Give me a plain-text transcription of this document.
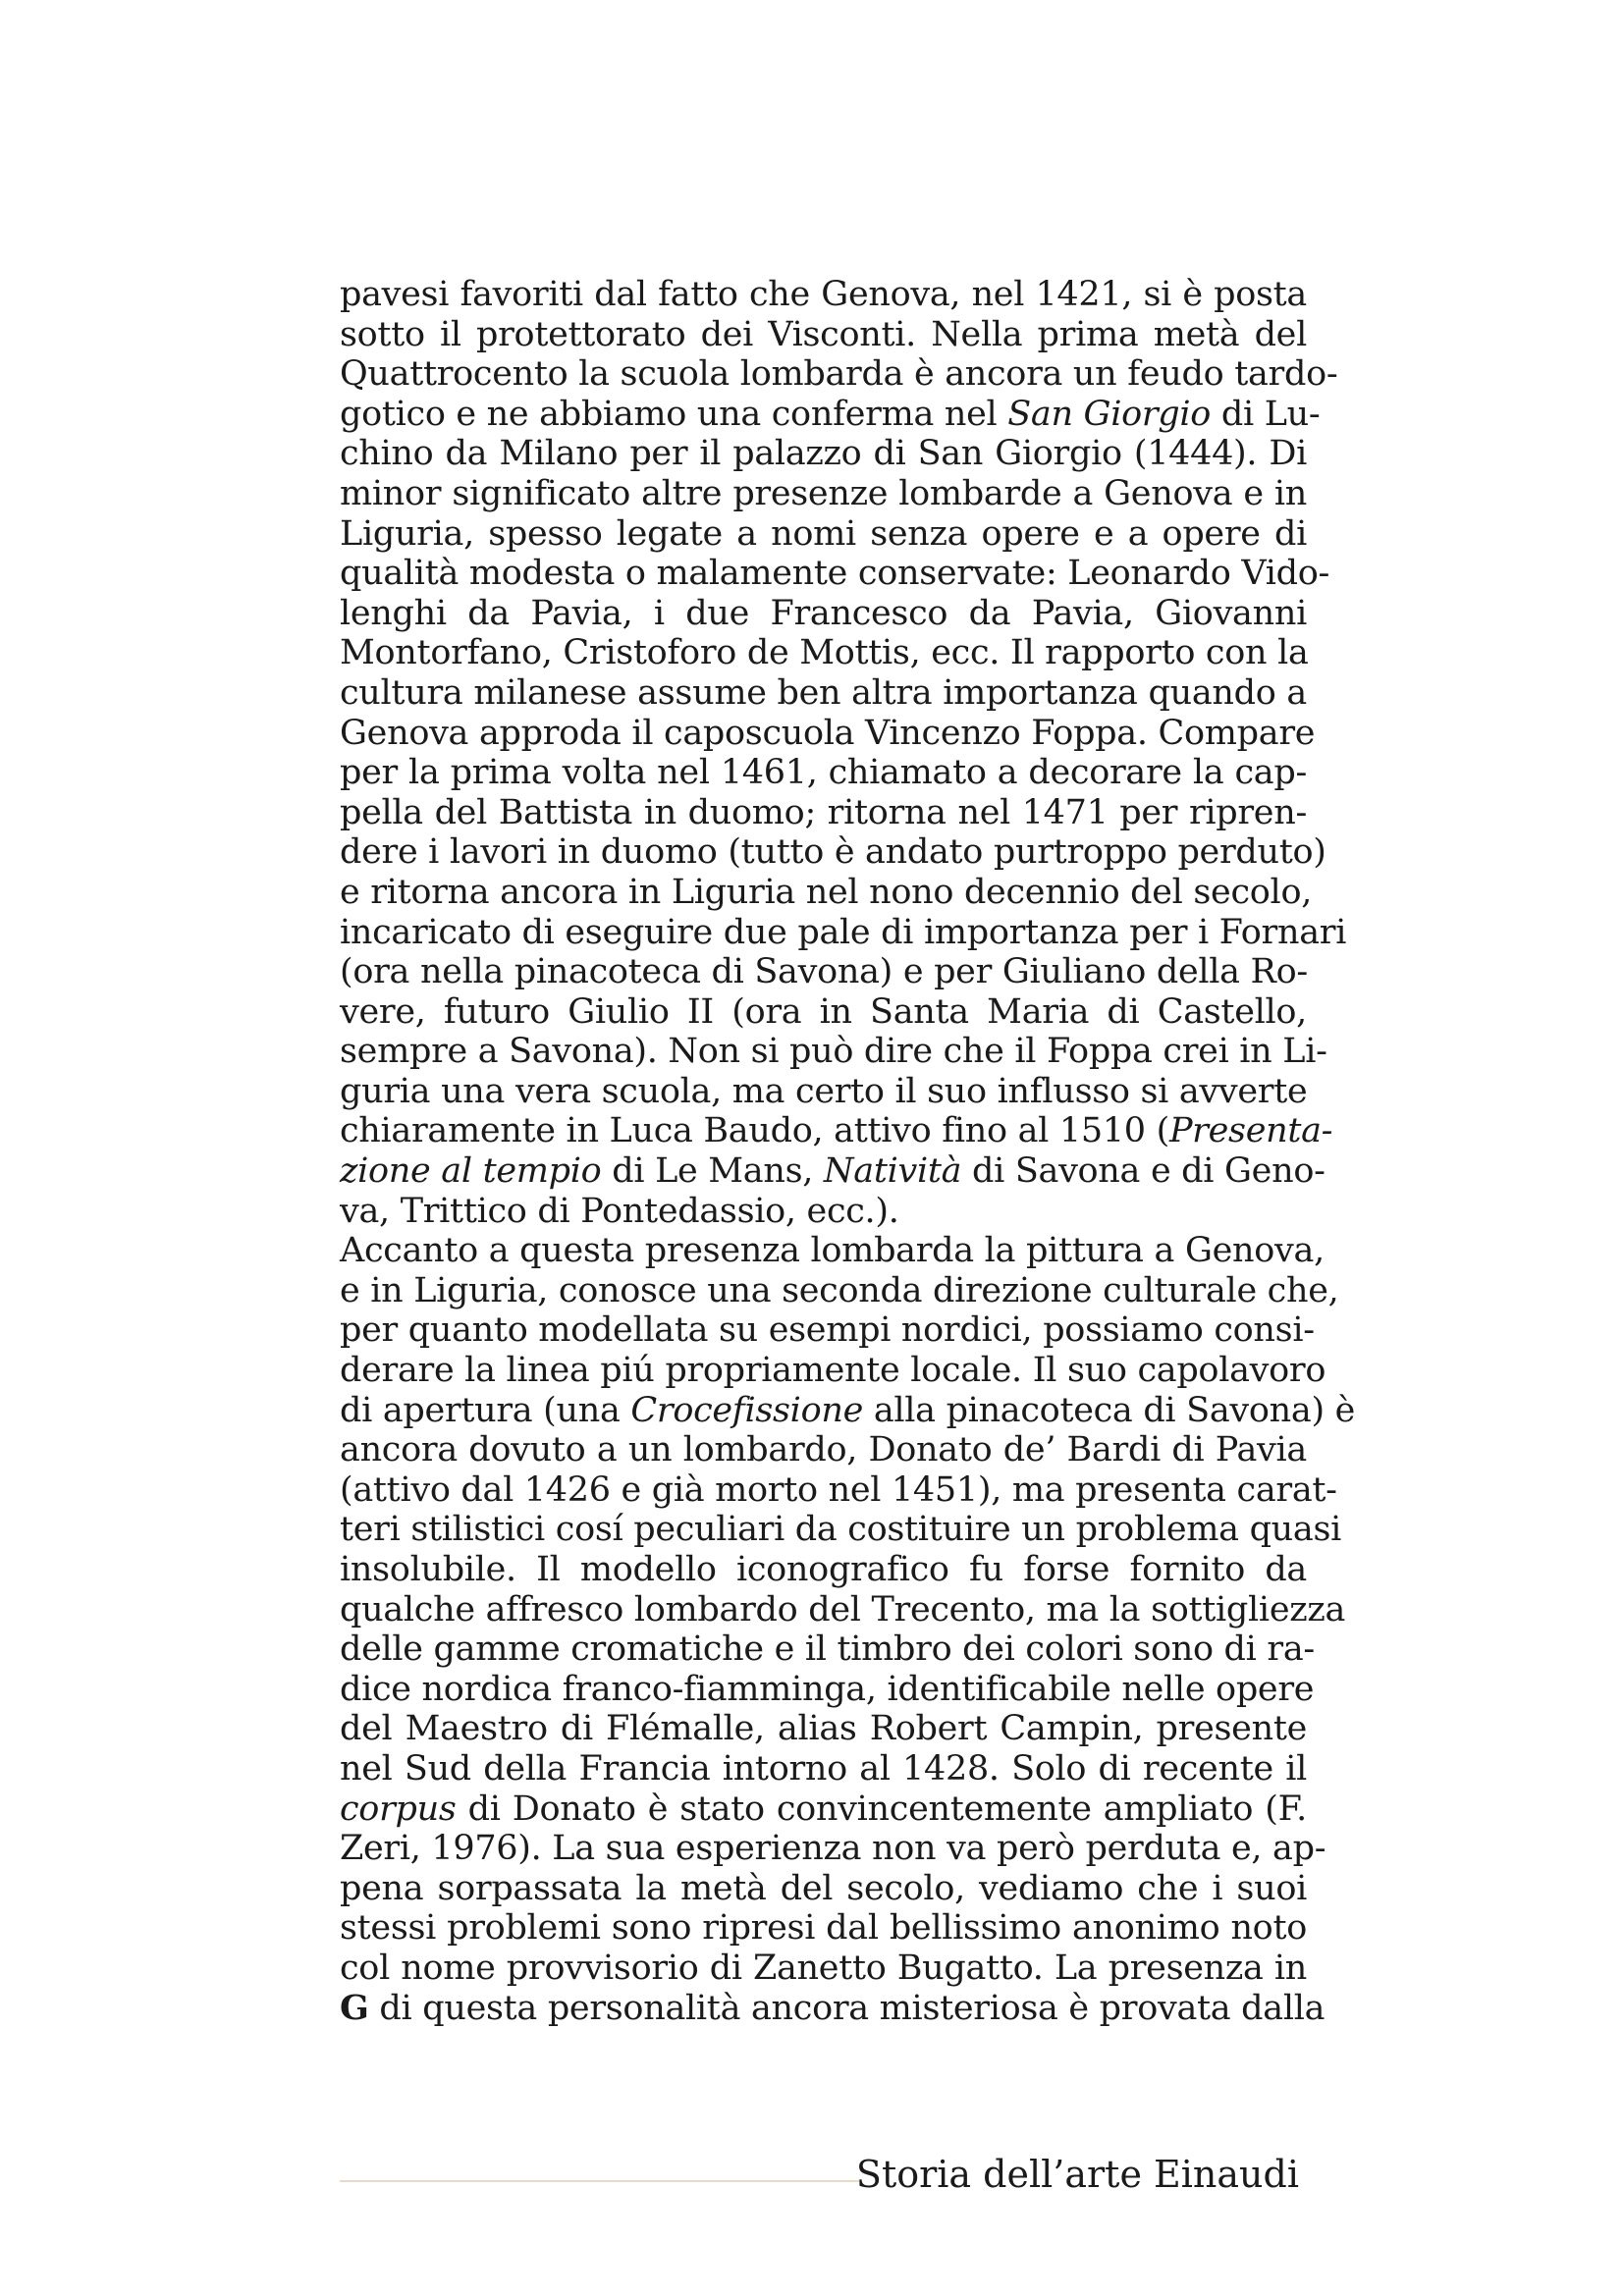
pavesi favoriti dal fatto che Genova, nel 1421, si è posta
sotto il protettorato dei Visconti. Nella prima metà del
Quattrocento la scuola lombarda è ancora un feudo tardo-
gotico e ne abbiamo una conferma nel San Giorgio di Lu-
chino da Milano per il palazzo di San Giorgio (1444). Di
minor significato altre presenze lombarde a Genova e in
Liguria, spesso legate a nomi senza opere e a opere di
qualità modesta o malamente conservate: Leonardo Vido-
lenghi da Pavia, i due Francesco da Pavia, Giovanni
Montorfano, Cristoforo de Mottis, ecc. Il rapporto con la
cultura milanese assume ben altra importanza quando a
Genova approda il caposcuola Vincenzo Foppa. Compare
per la prima volta nel 1461, chiamato a decorare la cap-
pella del Battista in duomo; ritorna nel 1471 per ripren-
dere i lavori in duomo (tutto è andato purtroppo perduto)
e ritorna ancora in Liguria nel nono decennio del secolo,
incaricato di eseguire due pale di importanza per i Fornari
(ora nella pinacoteca di Savona) e per Giuliano della Ro-
vere, futuro Giulio II (ora in Santa Maria di Castello,
sempre a Savona). Non si può dire che il Foppa crei in Li-
guria una vera scuola, ma certo il suo influsso si avverte
chiaramente in Luca Baudo, attivo fino al 1510 (Presenta-
zione al tempio di Le Mans, Natività di Savona e di Geno-
va, Trittico di Pontedassio, ecc.).
Accanto a questa presenza lombarda la pittura a Genova,
e in Liguria, conosce una seconda direzione culturale che,
per quanto modellata su esempi nordici, possiamo consi-
derare la linea piú propriamente locale. Il suo capolavoro
di apertura (una Crocefissione alla pinacoteca di Savona) è
ancora dovuto a un lombardo, Donato de’ Bardi di Pavia
(attivo dal 1426 e già morto nel 1451), ma presenta carat-
teri stilistici cosí peculiari da costituire un problema quasi
insolubile. Il modello iconografico fu forse fornito da
qualche affresco lombardo del Trecento, ma la sottigliezza
delle gamme cromatiche e il timbro dei colori sono di ra-
dice nordica franco-fiamminga, identificabile nelle opere
del Maestro di Flémalle, alias Robert Campin, presente
nel Sud della Francia intorno al 1428. Solo di recente il
corpus di Donato è stato convincentemente ampliato (F.
Zeri, 1976). La sua esperienza non va però perduta e, ap-
pena sorpassata la metà del secolo, vediamo che i suoi
stessi problemi sono ripresi dal bellissimo anonimo noto
col nome provvisorio di Zanetto Bugatto. La presenza in
G di questa personalità ancora misteriosa è provata dalla
Storia dell’arte Einaudi
